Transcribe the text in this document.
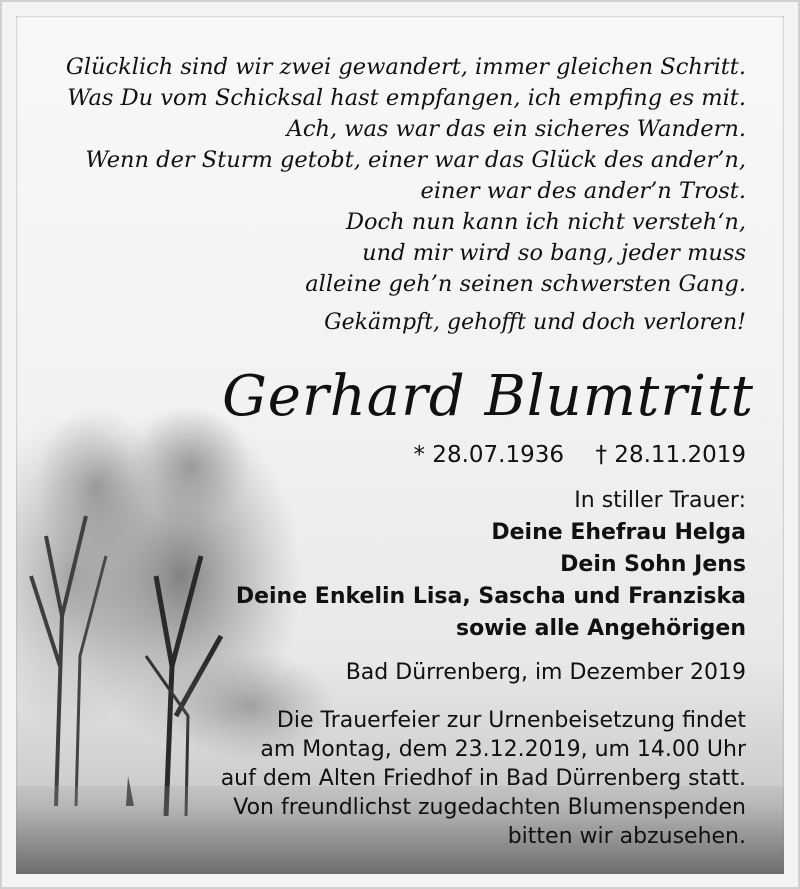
Glücklich sind wir zwei gewandert, immer gleichen Schritt.
Was Du vom Schicksal hast empfangen, ich empfing es mit.
Ach, was war das ein sicheres Wandern.
Wenn der Sturm getobt, einer war das Glück des ander’n,
einer war des ander’n Trost.
Doch nun kann ich nicht versteh‘n,
und mir wird so bang, jeder muss
alleine geh’n seinen schwersten Gang.
Gekämpft, gehofft und doch verloren!
Gerhard Blumtritt
* 28.07.1936 † 28.11.2019
In stiller Trauer:
Deine Ehefrau Helga
Dein Sohn Jens
Deine Enkelin Lisa, Sascha und Franziska
sowie alle Angehörigen
Bad Dürrenberg, im Dezember 2019
Die Trauerfeier zur Urnenbeisetzung findet
am Montag, dem 23.12.2019, um 14.00 Uhr
auf dem Alten Friedhof in Bad Dürrenberg statt.
Von freundlichst zugedachten Blumenspenden
bitten wir abzusehen.
